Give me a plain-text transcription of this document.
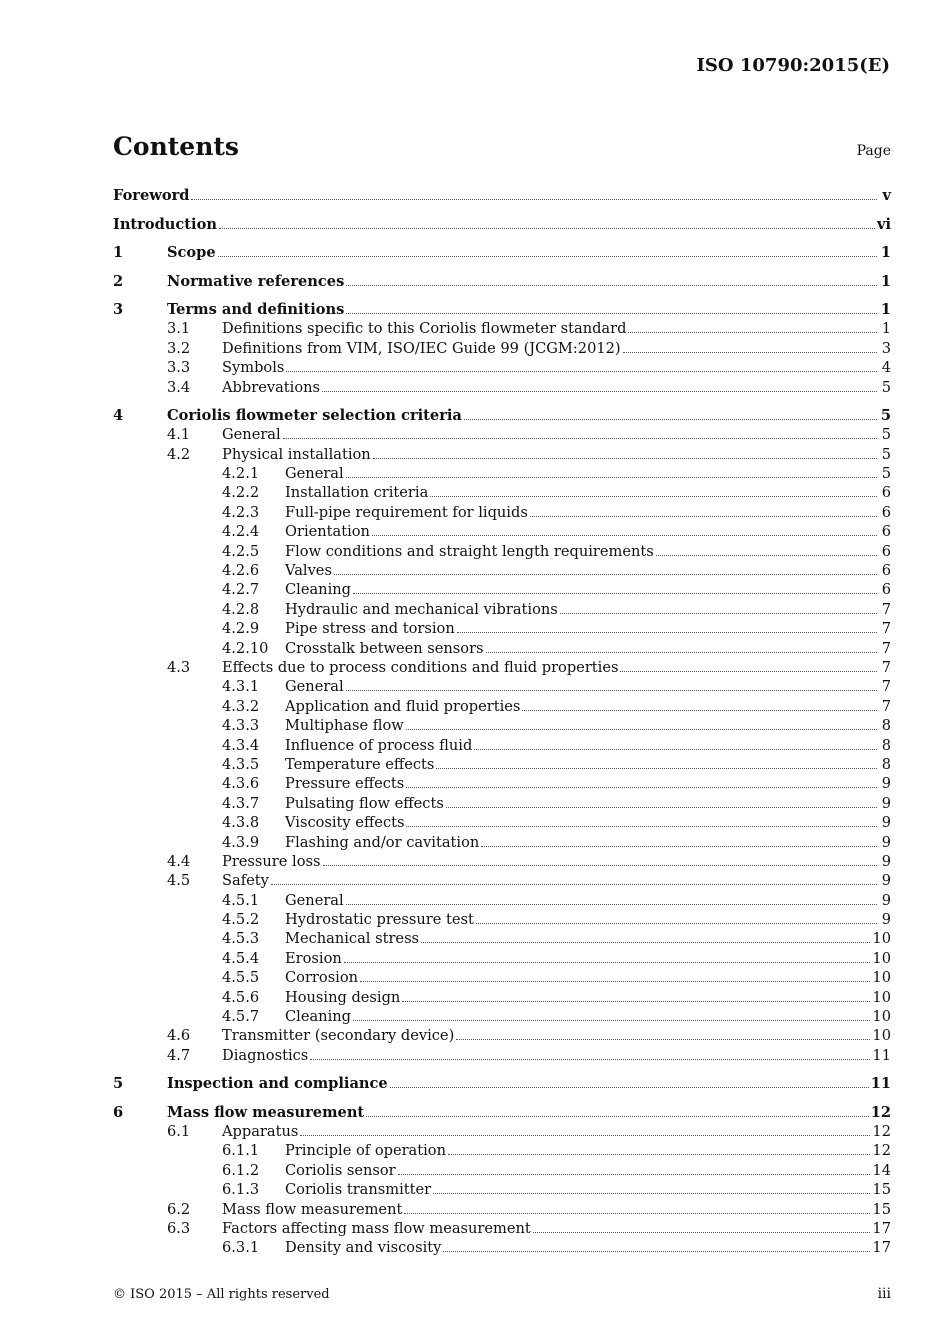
ISO 10790:2015(E)
Contents	Page
Foreword	v
Introduction	vi
1	Scope	1
2	Normative references	1
3	Terms and definitions	1
3.1 Definitions specific to this Coriolis flowmeter standard	1
3.2 Definitions from VIM, ISO/IEC Guide 99 (JCGM:2012)	3
3.3 Symbols	4
3.4 Abbrevations	5
4	Coriolis flowmeter selection criteria	5
4.1 General	5
4.2 Physical installation	5
4.2.1 General	5
4.2.2 Installation criteria	6
4.2.3 Full-pipe requirement for liquids	6
4.2.4 Orientation	6
4.2.5 Flow conditions and straight length requirements	6
4.2.6 Valves	6
4.2.7 Cleaning	6
4.2.8 Hydraulic and mechanical vibrations	7
4.2.9 Pipe stress and torsion	7
4.2.10 Crosstalk between sensors	7
4.3 Effects due to process conditions and fluid properties	7
4.3.1 General	7
4.3.2 Application and fluid properties	7
4.3.3 Multiphase flow	8
4.3.4 Influence of process fluid	8
4.3.5 Temperature effects	8
4.3.6 Pressure effects	9
4.3.7 Pulsating flow effects	9
4.3.8 Viscosity effects	9
4.3.9 Flashing and/or cavitation	9
4.4 Pressure loss	9
4.5 Safety	9
4.5.1 General	9
4.5.2 Hydrostatic pressure test	9
4.5.3 Mechanical stress	10
4.5.4 Erosion	10
4.5.5 Corrosion	10
4.5.6 Housing design	10
4.5.7 Cleaning	10
4.6 Transmitter (secondary device)	10
4.7 Diagnostics	11
5	Inspection and compliance	11
6	Mass flow measurement	12
6.1 Apparatus	12
6.1.1 Principle of operation	12
6.1.2 Coriolis sensor	14
6.1.3 Coriolis transmitter	15
6.2 Mass flow measurement	15
6.3 Factors affecting mass flow measurement	17
6.3.1 Density and viscosity	17
© ISO 2015 – All rights reserved	iii
